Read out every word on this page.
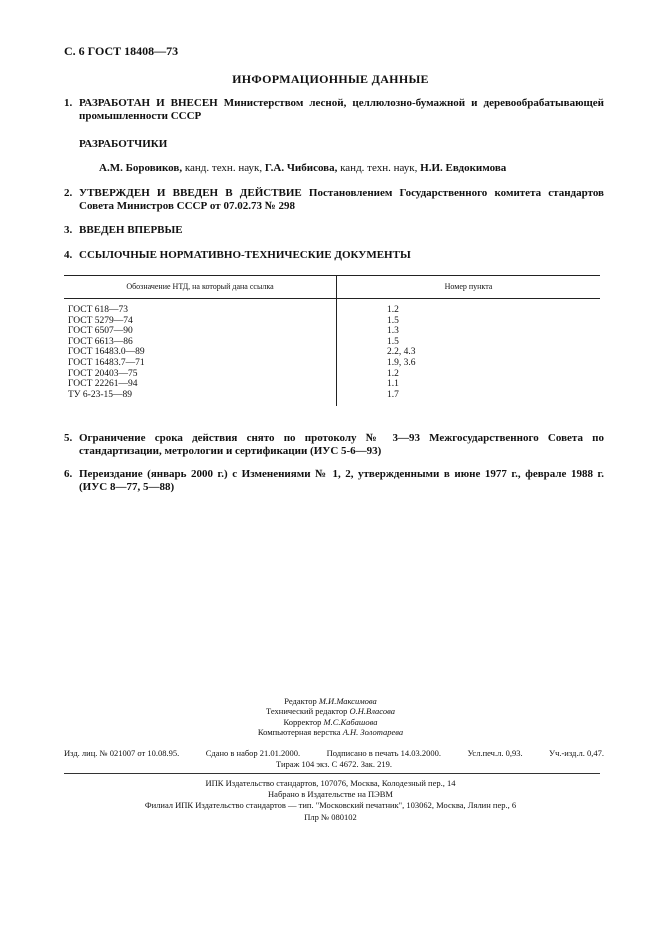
С. 6 ГОСТ 18408—73
ИНФОРМАЦИОННЫЕ ДАННЫЕ
1. РАЗРАБОТАН И ВНЕСЕН Министерством лесной, целлюлозно-бумажной и деревообрабатывающей промышленности СССР
РАЗРАБОТЧИКИ
А.М. Боровиков, канд. техн. наук, Г.А. Чибисова, канд. техн. наук, Н.И. Евдокимова
2. УТВЕРЖДЕН И ВВЕДЕН В ДЕЙСТВИЕ Постановлением Государственного комитета стандартов Совета Министров СССР от 07.02.73 № 298
3. ВВЕДЕН ВПЕРВЫЕ
4. ССЫЛОЧНЫЕ НОРМАТИВНО-ТЕХНИЧЕСКИЕ ДОКУМЕНТЫ
Обозначение НТД, на который дана ссылка	Номер пункта

ГОСТ 618—73	1.2
ГОСТ 5279—74	1.5
ГОСТ 6507—90	1.3
ГОСТ 6613—86	1.5
ГОСТ 16483.0—89	2.2, 4.3
ГОСТ 16483.7—71	1.9, 3.6
ГОСТ 20403—75	1.2
ГОСТ 22261—94	1.1
ТУ 6-23-15—89	1.7

5. Ограничение срока действия снято по протоколу № 3—93 Межгосударственного Совета по стандартизации, метрологии и сертификации (ИУС 5-6—93)
6. Переиздание (январь 2000 г.) с Изменениями № 1, 2, утвержденными в июне 1977 г., феврале 1988 г. (ИУС 8—77, 5—88)
Редактор М.И.Максимова
Технический редактор О.Н.Власова
Корректор М.С.Кабашова
Компьютерная верстка А.Н. Золотарева
Изд. лиц. № 021007 от 10.08.95.	Сдано в набор 21.01.2000.	Подписано в печать 14.03.2000.	Усл.печ.л. 0,93.	Уч.-изд.л. 0,47.
Тираж 104 экз. С 4672. Зак. 219.
ИПК Издательство стандартов, 107076, Москва, Колодезный пер., 14
Набрано в Издательстве на ПЭВМ
Филиал ИПК Издательство стандартов — тип. "Московский печатник", 103062, Москва, Лялин пер., 6
Плр № 080102
